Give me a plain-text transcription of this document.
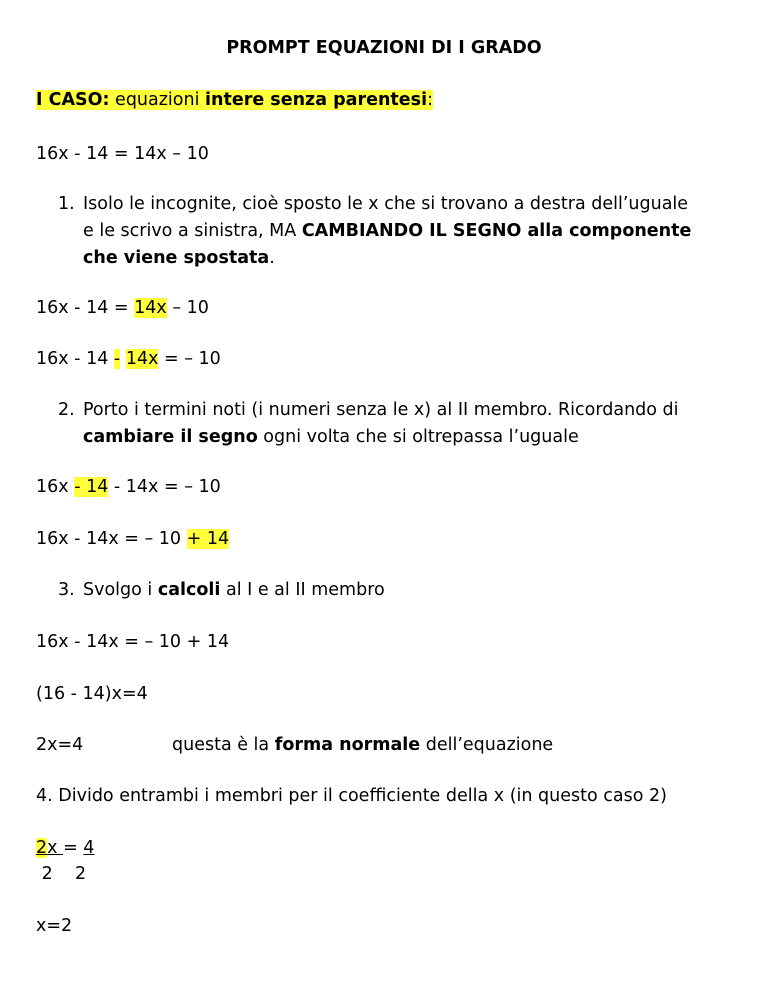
PROMPT EQUAZIONI DI I GRADO
I CASO: equazioni intere senza parentesi:
16x - 14 = 14x – 10
1. Isolo le incognite, cioè sposto le x che si trovano a destra dell’uguale
e le scrivo a sinistra, MA CAMBIANDO IL SEGNO alla componente
che viene spostata.
16x - 14 = 14x – 10
16x - 14 - 14x = – 10
2. Porto i termini noti (i numeri senza le x) al II membro. Ricordando di
cambiare il segno ogni volta che si oltrepassa l’uguale
16x - 14 - 14x = – 10
16x - 14x = – 10 + 14
3. Svolgo i calcoli al I e al II membro
16x - 14x = – 10 + 14
(16 - 14)x=4
2x=4	questa è la forma normale dell’equazione
4. Divido entrambi i membri per il coefficiente della x (in questo caso 2)
2x = 4
2    2
x=2
